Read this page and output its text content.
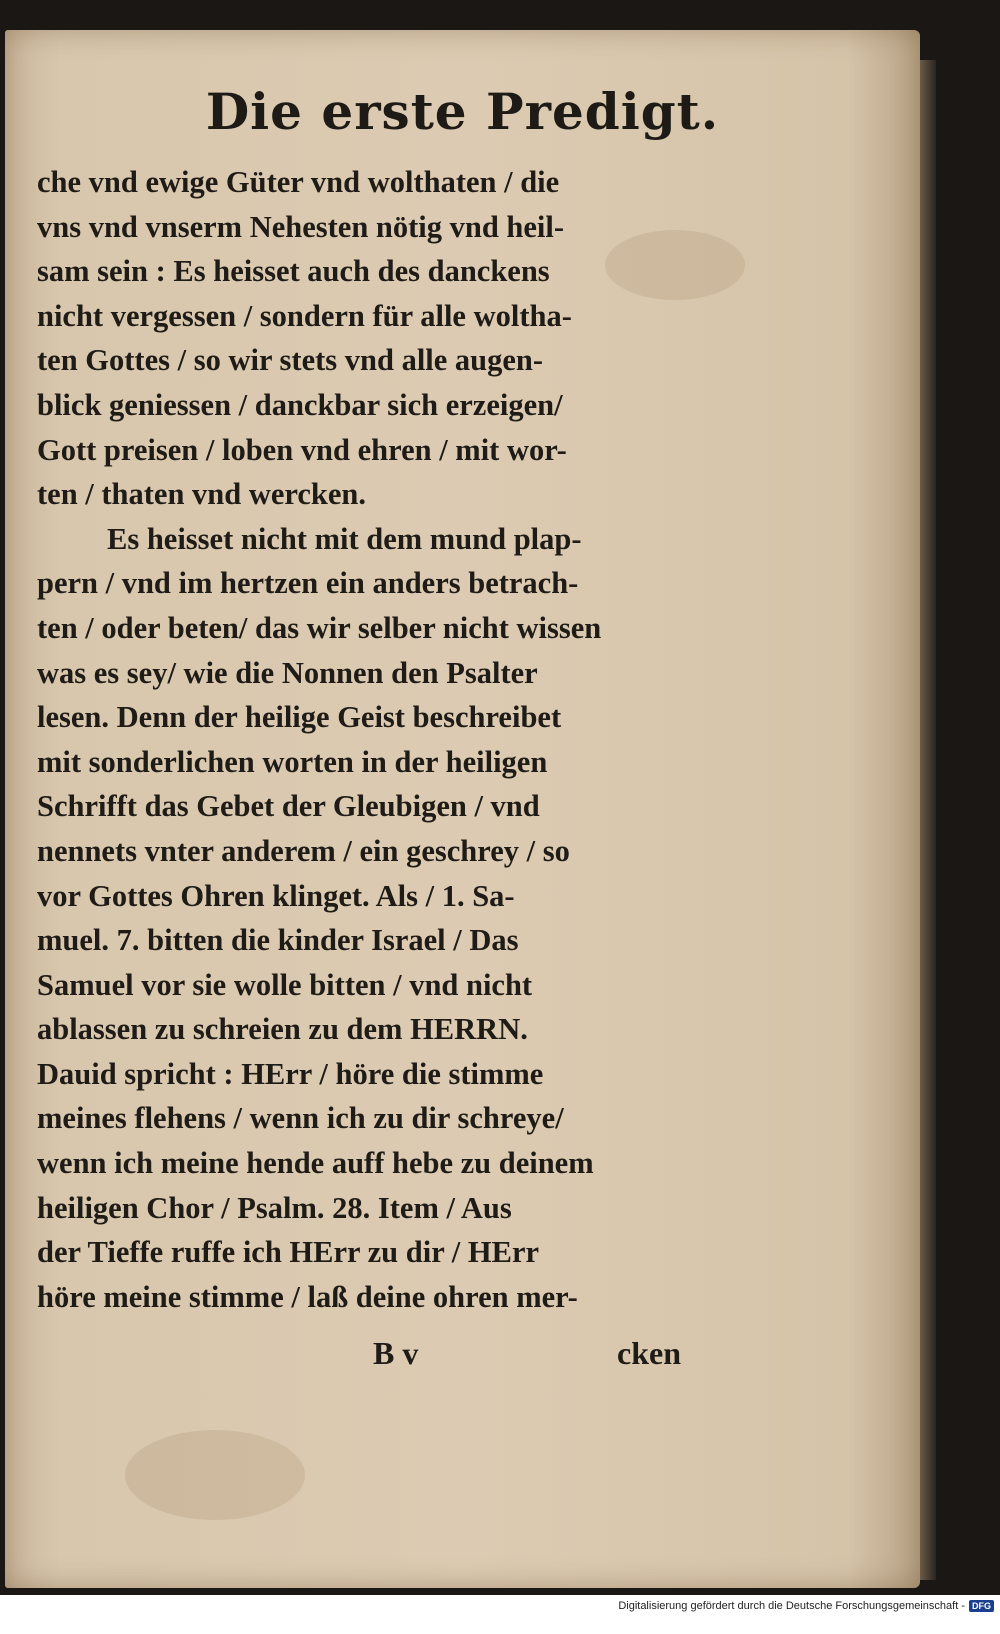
Die erste Predigt.
che vnd ewige Güter vnd wolthaten / die
vns vnd vnserm Nehesten nötig vnd heil-
sam sein : Es heisset auch des danckens
nicht vergessen / sondern für alle woltha-
ten Gottes / so wir stets vnd alle augen-
blick geniessen / danckbar sich erzeigen/
Gott preisen / loben vnd ehren / mit wor-
ten / thaten vnd wercken.
Es heisset nicht mit dem mund plap-
pern / vnd im hertzen ein anders betrach-
ten / oder beten/ das wir selber nicht wissen
was es sey/ wie die Nonnen den Psalter
lesen. Denn der heilige Geist beschreibet
mit sonderlichen worten in der heiligen
Schrifft das Gebet der Gleubigen / vnd
nennets vnter anderem / ein geschrey / so
vor Gottes Ohren klinget. Als / 1. Sa-
muel. 7. bitten die kinder Israel / Das
Samuel vor sie wolle bitten / vnd nicht
ablassen zu schreien zu dem HERRN.
Dauid spricht : HErr / höre die stimme
meines flehens / wenn ich zu dir schreye/
wenn ich meine hende auff hebe zu deinem
heiligen Chor / Psalm. 28. Item / Aus
der Tieffe ruffe ich HErr zu dir / HErr
höre meine stimme / laß deine ohren mer-
B v	cken
Digitalisierung gefördert durch die Deutsche Forschungsgemeinschaft - DFG
